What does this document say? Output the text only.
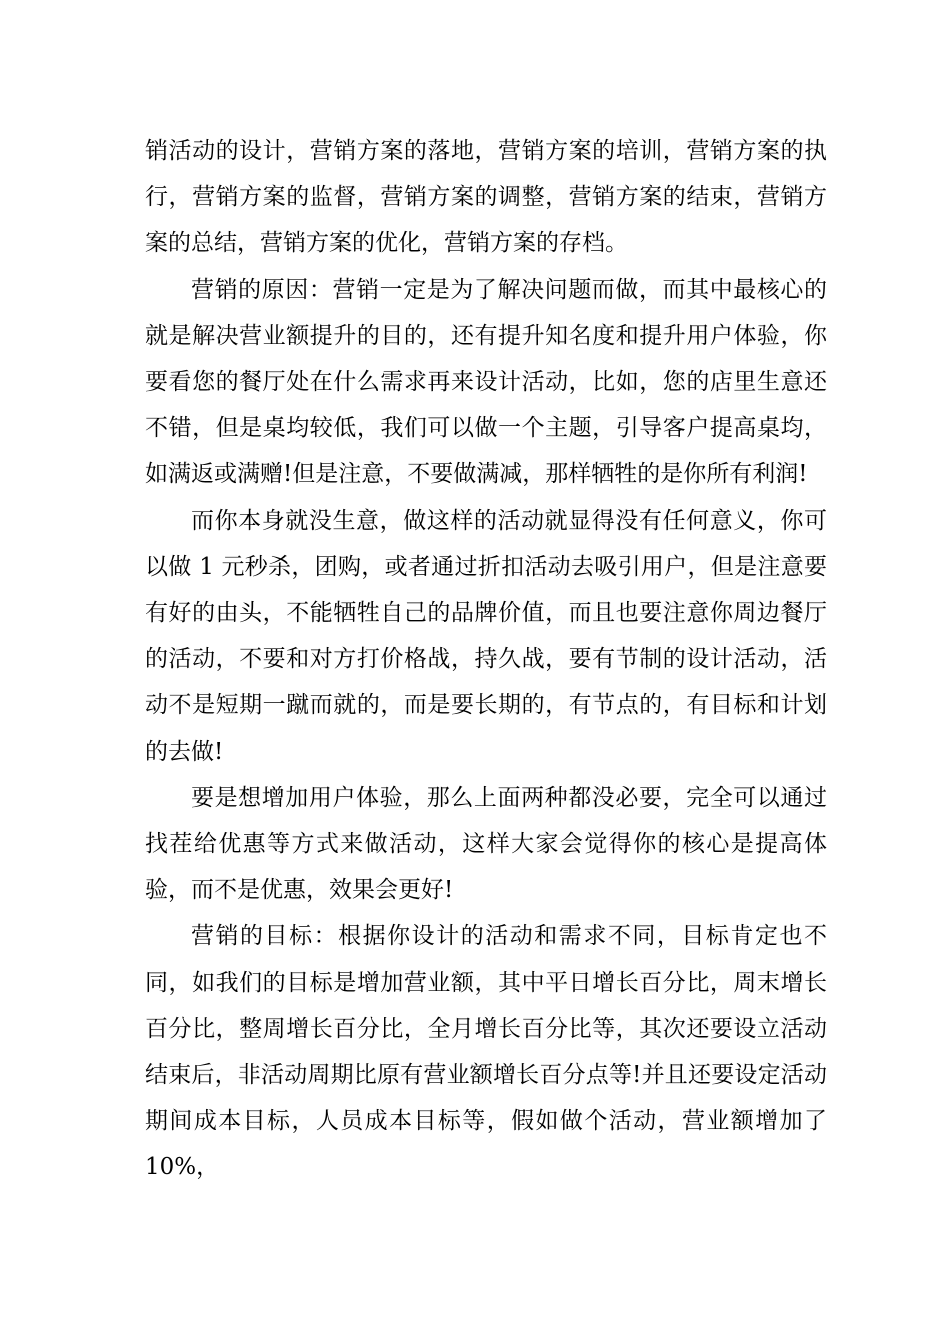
销活动的设计，营销方案的落地，营销方案的培训，营销方案的执行，营销方案的监督，营销方案的调整，营销方案的结束，营销方案的总结，营销方案的优化，营销方案的存档。

营销的原因：营销一定是为了解决问题而做，而其中最核心的就是解决营业额提升的目的，还有提升知名度和提升用户体验，你要看您的餐厅处在什么需求再来设计活动，比如，您的店里生意还不错，但是桌均较低，我们可以做一个主题，引导客户提高桌均，如满返或满赠!但是注意，不要做满减，那样牺牲的是你所有利润!

而你本身就没生意，做这样的活动就显得没有任何意义，你可以做 1 元秒杀，团购，或者通过折扣活动去吸引用户，但是注意要有好的由头，不能牺牲自己的品牌价值，而且也要注意你周边餐厅的活动，不要和对方打价格战，持久战，要有节制的设计活动，活动不是短期一蹴而就的，而是要长期的，有节点的，有目标和计划的去做!

要是想增加用户体验，那么上面两种都没必要，完全可以通过找茬给优惠等方式来做活动，这样大家会觉得你的核心是提高体验，而不是优惠，效果会更好!

营销的目标：根据你设计的活动和需求不同，目标肯定也不同，如我们的目标是增加营业额，其中平日增长百分比，周末增长百分比，整周增长百分比，全月增长百分比等，其次还要设立活动结束后，非活动周期比原有营业额增长百分点等!并且还要设定活动期间成本目标，人员成本目标等，假如做个活动，营业额增加了 10%，
